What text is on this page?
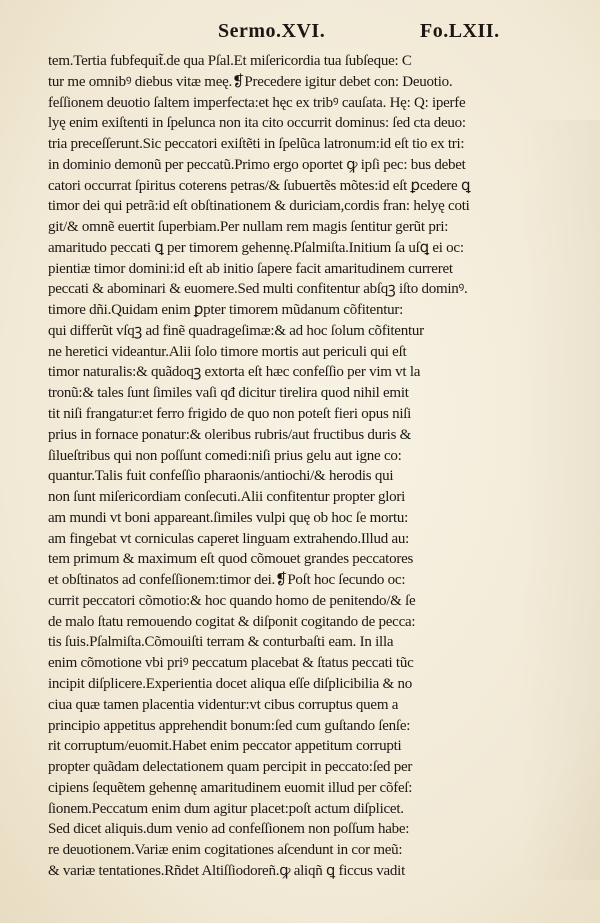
Sermo.XVI.	Fo.LXII.
tem.Tertia fubfequit̃.de qua Pſal.Et miſericordia tua ſubſeque: C
tur me omnibꝰ diebus vitæ meę.❡Precedere igitur debet con: Deuotio.
feſſionem deuotio ſaltem imperfecta:et hęc ex tribꝰ cauſata. Hę: Q: iperfe
lyę enim exiſtenti in ſpelunca non ita cito occurrit dominus: ſed cta deuo:
tria preceſſerunt.Sic peccatori exiſtẽti in ſpelũca latronum:id eſt tio ex tri:
in dominio demonũ per peccatũ.Primo ergo oportet ꝙ ipſi pec: bus debet
catori occurrat ſpiritus coterens petras/& ſubuertẽs mõtes:id eſt ꝑcedere ꝗ
timor dei qui petrã:id eſt obſtinationem & duriciam,cordis fran: helyę coti
git/& omnẽ euertit ſuperbiam.Per nullam rem magis ſentitur gerũt pri:
amaritudo peccati ꝗ per timorem gehennę.Pſalmiſta.Initium ſa uſꝗ ei oc:
pientiæ timor domini:id eſt ab initio ſapere facit amaritudinem curreret
peccati & abominari & euomere.Sed multi confitentur abſqꝫ iſto dominꝰ.
timore dñi.Quidam enim ꝑpter timorem mũdanum cõfitentur:
qui differũt vſqꝫ ad finẽ quadrageſimæ:& ad hoc ſolum cõfitentur
ne heretici videantur.Alii ſolo timore mortis aut periculi qui eſt
timor naturalis:& quãdoqꝫ extorta eſt hæc confeſſio per vim vt la
tronũ:& tales ſunt ſimiles vaſi qđ dicitur tirelira quod nihil emit
tit niſi frangatur:et ferro frigido de quo non poteſt fieri opus niſi
prius in fornace ponatur:& oleribus rubris/aut fructibus duris &
ſilueſtribus qui non poſſunt comedi:niſi prius gelu aut igne co:
quantur.Talis fuit confeſſio pharaonis/antiochi/& herodis qui
non ſunt miſericordiam conſecuti.Alii confitentur propter glori
am mundi vt boni appareant.ſimiles vulpi quę ob hoc ſe mortu:
am fingebat vt corniculas caperet linguam extrahendo.Illud au:
tem primum & maximum eſt quod cõmouet grandes peccatores
et obſtinatos ad confeſſionem:timor dei.❡Poſt hoc ſecundo oc:
currit peccatori cõmotio:& hoc quando homo de penitendo/& ſe
de malo ſtatu remouendo cogitat & diſponit cogitando de pecca:
tis ſuis.Pſalmiſta.Cõmouiſti terram & conturbaſti eam. In illa
enim cõmotione vbi priꝰ peccatum placebat & ſtatus peccati tũc
incipit diſplicere.Experientia docet aliqua eſſe diſplicibilia & no
ciua quæ tamen placentia videntur:vt cibus corruptus quem a
principio appetitus apprehendit bonum:ſed cum guſtando ſenſe:
rit corruptum/euomit.Habet enim peccator appetitum corrupti
propter quãdam delectationem quam percipit in peccato:ſed per
cipiens ſequẽtem gehennę amaritudinem euomit illud per cõfeſ:
ſionem.Peccatum enim dum agitur placet:poſt actum diſplicet.
Sed dicet aliquis.dum venio ad confeſſionem non poſſum habe:
re deuotionem.Variæ enim cogitationes aſcendunt in cor meũ:
& variæ tentationes.Rñdet Altiſſiodoreñ.ꝙ aliqñ ꝗ ficcus vadit
